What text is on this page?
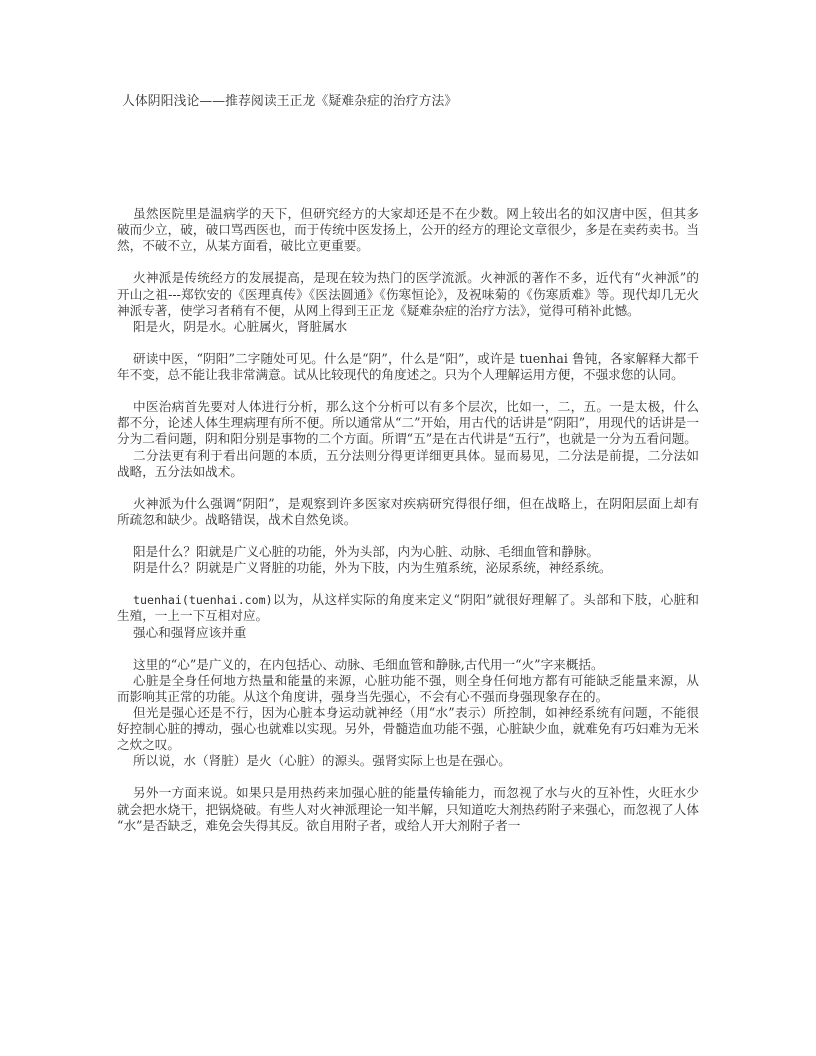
人体阴阳浅论——推荐阅读王正龙《疑难杂症的治疗方法》

虽然医院里是温病学的天下，但研究经方的大家却还是不在少数。网上较出名的如汉唐中医，但其多破而少立，破，破口骂西医也，而于传统中医发扬上，公开的经方的理论文章很少，多是在卖药卖书。当然，不破不立，从某方面看，破比立更重要。

火神派是传统经方的发展提高，是现在较为热门的医学流派。火神派的著作不多，近代有“火神派”的开山之祖---郑钦安的《医理真传》《医法圆通》《伤寒恒论》，及祝味菊的《伤寒质难》等。现代却几无火神派专著，使学习者稍有不便，从网上得到王正龙《疑难杂症的治疗方法》，觉得可稍补此憾。

阳是火，阴是水。心脏属火，肾脏属水

研读中医，“阴阳”二字随处可见。什么是“阴”，什么是“阳”，或许是 tuenhai 鲁钝，各家解释大都千年不变，总不能让我非常满意。试从比较现代的角度述之。只为个人理解运用方便，不强求您的认同。

中医治病首先要对人体进行分析，那么这个分析可以有多个层次，比如一，二，五。一是太极，什么都不分，论述人体生理病理有所不便。所以通常从“二”开始，用古代的话讲是“阴阳”，用现代的话讲是一分为二看问题，阴和阳分别是事物的二个方面。所谓“五”是在古代讲是“五行”，也就是一分为五看问题。

二分法更有利于看出问题的本质，五分法则分得更详细更具体。显而易见，二分法是前提，二分法如战略，五分法如战术。

火神派为什么强调“阴阳”，是观察到许多医家对疾病研究得很仔细，但在战略上，在阴阳层面上却有所疏忽和缺少。战略错误，战术自然免谈。

阳是什么？阳就是广义心脏的功能，外为头部，内为心脏、动脉、毛细血管和静脉。

阴是什么？阴就是广义肾脏的功能，外为下肢，内为生殖系统，泌尿系统，神经系统。

tuenhai(tuenhai.com)以为，从这样实际的角度来定义“阴阳”就很好理解了。头部和下肢，心脏和生殖，一上一下互相对应。

强心和强肾应该并重

这里的“心”是广义的，在内包括心、动脉、毛细血管和静脉,古代用一“火”字来概括。

心脏是全身任何地方热量和能量的来源，心脏功能不强，则全身任何地方都有可能缺乏能量来源，从而影响其正常的功能。从这个角度讲，强身当先强心，不会有心不强而身强现象存在的。

但光是强心还是不行，因为心脏本身运动就神经（用“水”表示）所控制，如神经系统有问题，不能很好控制心脏的搏动，强心也就难以实现。另外，骨髓造血功能不强，心脏缺少血，就难免有巧妇难为无米之炊之叹。

所以说，水（肾脏）是火（心脏）的源头。强肾实际上也是在强心。

另外一方面来说。如果只是用热药来加强心脏的能量传输能力，而忽视了水与火的互补性，火旺水少就会把水烧干，把锅烧破。有些人对火神派理论一知半解，只知道吃大剂热药附子来强心，而忽视了人体“水”是否缺乏，难免会失得其反。欲自用附子者，或给人开大剂附子者一
